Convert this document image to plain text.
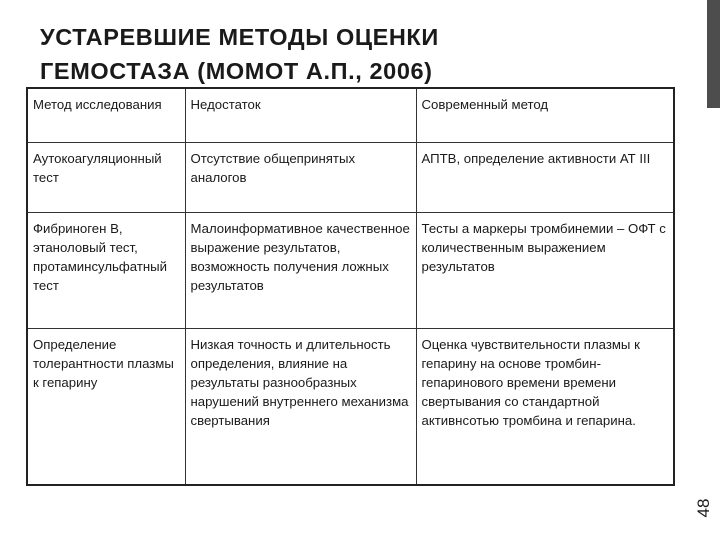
УСТАРЕВШИЕ МЕТОДЫ ОЦЕНКИ
ГЕМОСТАЗА (МОМОТ А.П., 2006)
Метод исследования	Недостаток	Современный метод
Аутокоагуляционный тест	Отсутствие общепринятых аналогов	АПТВ, определение активности АТ III
Фибриноген В, этаноловый тест, протаминсульфатный тест	Малоинформативное качественное выражение результатов, возможность получения ложных результатов	Тесты а маркеры тромбинемии – ОФТ с количественным выражением результатов
Определение толерантности плазмы к гепарину	Низкая точность и длительность определения, влияние на результаты разнообразных нарушений внутреннего механизма свертывания	Оценка чувствительности плазмы к гепарину на основе тромбин-гепаринового времени времени свертывания со стандартной активнсотью тромбина и гепарина.
48
